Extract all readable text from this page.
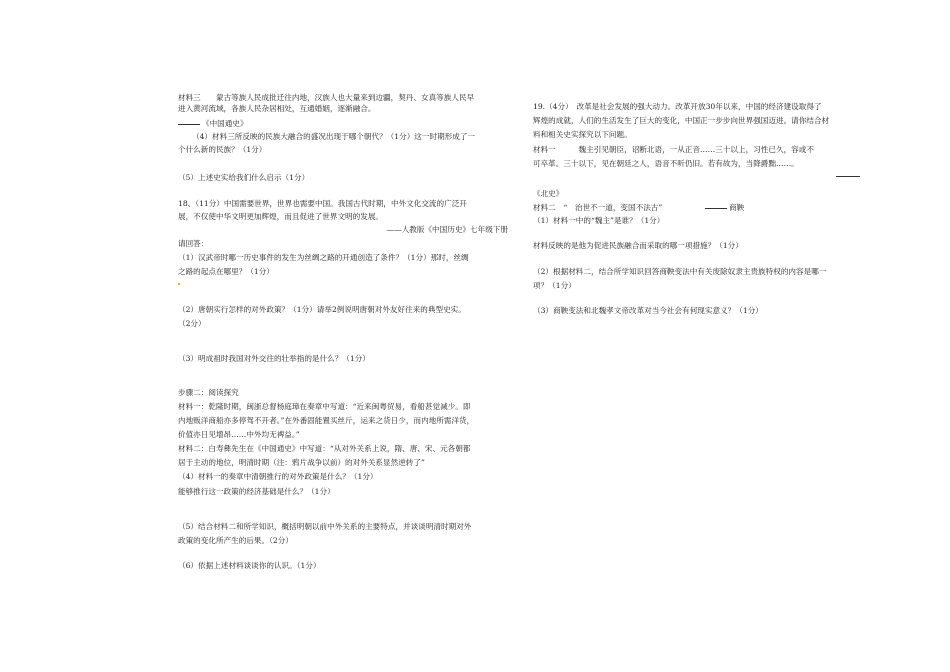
材料三　　蒙古等族人民成批迁往内地，汉族人也大量来到边疆，契丹、女真等族人民早
进入黄河流域，各族人民杂居相处，互通婚姻，逐渐融合。
《中国通史》
（4）材料三所反映的民族大融合的盛况出现于哪个朝代？（1分）这一时期形成了一
个什么新的民族？（1分）
（5）上述史实给我们什么启示（1分）
18、（11分）中国需要世界，世界也需要中国。我国古代时期，中外文化交流的广泛开
展，不仅使中华文明更加辉煌，而且促进了世界文明的发展。
——人教版《中国历史》七年级下册
请回答：
（1）汉武帝时哪一历史事件的发生为丝绸之路的开通创造了条件？（1分）那时，丝绸
之路的起点在哪里？（1分）
（2）唐朝实行怎样的对外政策？（1分）请举2例说明唐朝对外友好往来的典型史实。
（2分）
（3）明成祖时我国对外交往的壮举指的是什么？（1分）
步骤二：阅读探究
材料一：乾隆时期，闽浙总督杨庭璋在奏章中写道：“近来闽粤贸易，看船甚觉减少。即
内地贩洋商船亦多停驾不开者。”在外番固能置买丝斤，运来之货日少，而内地所需洋货，
价值亦日见增昂……中外均无裨益。”
材料二：白寿彝先生在《中国通史》中写道：“从对外关系上说，隋、唐、宋、元各朝都
居于主动的地位，明清时期（注：鸦片战争以前）的对外关系显然逆转了”
（4）材料一的奏章中清朝推行的对外政策是什么？（1分）
能够推行这一政策的经济基础是什么？（1分）
（5）结合材料二和所学知识，概括明朝以前中外关系的主要特点，并谈谈明清时期对外
政策的变化所产生的后果。（2分）
（6）依据上述材料谈谈你的认识。（1分）
19.（4分）　改革是社会发展的强大动力。改革开放30年以来，中国的经济建设取得了
辉煌的成就，人们的生活发生了巨大的变化，中国正一步步向世界强国迈进。请你结合材
料和相关史实探究以下问题。
材料一　　　魏主引见朝臣，诏断北语，一从正音……三十以上，习性已久，容或不
可卒革。三十以下，见在朝廷之人，语音不听仍旧。若有故为，当降爵黜……。
《北史》
材料二　“　治世不一道，变国不法古”	商鞅
（1）材料一中的“魏主”是谁？（1分）
材料反映的是他为促进民族融合而采取的哪一项措施？（1分）
（2）根据材料二，结合所学知识回答商鞅变法中有关废除奴隶主贵族特权的内容是哪一
项？（1分）
（3）商鞅变法和北魏孝文帝改革对当今社会有何现实意义？（1分）
